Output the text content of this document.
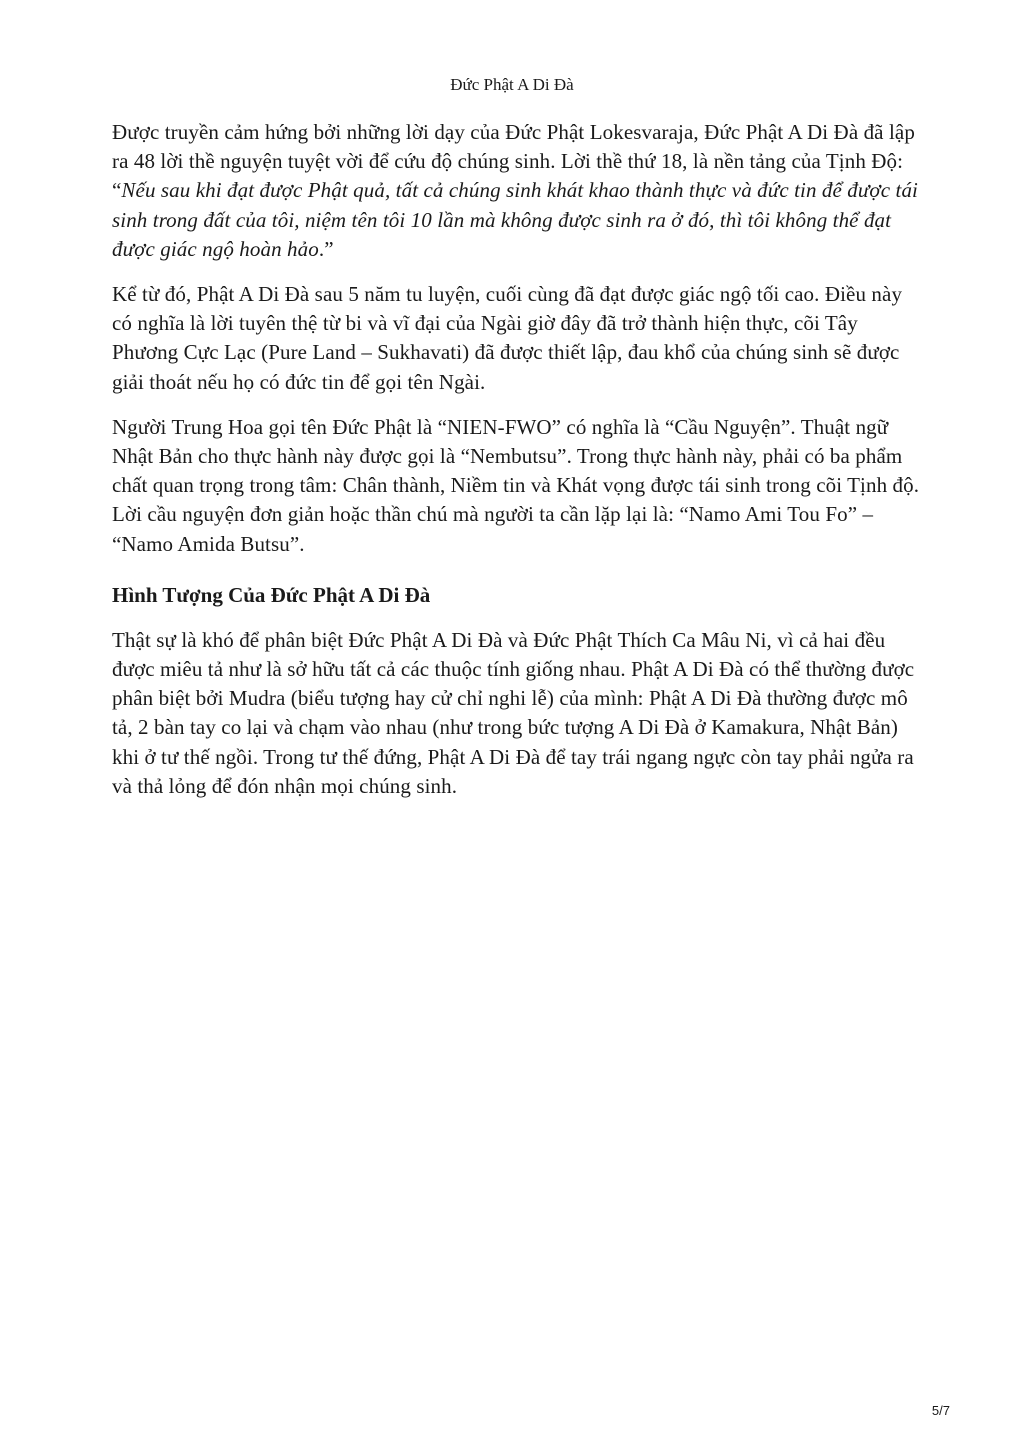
Đức Phật A Di Đà

Được truyền cảm hứng bởi những lời dạy của Đức Phật Lokesvaraja, Đức Phật A Di Đà đã lập ra 48 lời thề nguyện tuyệt vời để cứu độ chúng sinh. Lời thề thứ 18, là nền tảng của Tịnh Độ: “Nếu sau khi đạt được Phật quả, tất cả chúng sinh khát khao thành thực và đức tin để được tái sinh trong đất của tôi, niệm tên tôi 10 lần mà không được sinh ra ở đó, thì tôi không thể đạt được giác ngộ hoàn hảo.”

Kể từ đó, Phật A Di Đà sau 5 năm tu luyện, cuối cùng đã đạt được giác ngộ tối cao. Điều này có nghĩa là lời tuyên thệ từ bi và vĩ đại của Ngài giờ đây đã trở thành hiện thực, cõi Tây Phương Cực Lạc (Pure Land – Sukhavati) đã được thiết lập, đau khổ của chúng sinh sẽ được giải thoát nếu họ có đức tin để gọi tên Ngài.

Người Trung Hoa gọi tên Đức Phật là “NIEN-FWO” có nghĩa là “Cầu Nguyện”. Thuật ngữ Nhật Bản cho thực hành này được gọi là “Nembutsu”. Trong thực hành này, phải có ba phẩm chất quan trọng trong tâm: Chân thành, Niềm tin và Khát vọng được tái sinh trong cõi Tịnh độ. Lời cầu nguyện đơn giản hoặc thần chú mà người ta cần lặp lại là: “Namo Ami Tou Fo” – “Namo Amida Butsu”.

Hình Tượng Của Đức Phật A Di Đà

Thật sự là khó để phân biệt Đức Phật A Di Đà và Đức Phật Thích Ca Mâu Ni, vì cả hai đều được miêu tả như là sở hữu tất cả các thuộc tính giống nhau. Phật A Di Đà có thể thường được phân biệt bởi Mudra (biểu tượng hay cử chỉ nghi lễ) của mình: Phật A Di Đà thường được mô tả, 2 bàn tay co lại và chạm vào nhau (như trong bức tượng A Di Đà ở Kamakura, Nhật Bản) khi ở tư thế ngồi. Trong tư thế đứng, Phật A Di Đà để tay trái ngang ngực còn tay phải ngửa ra và thả lỏng để đón nhận mọi chúng sinh.

5/7
